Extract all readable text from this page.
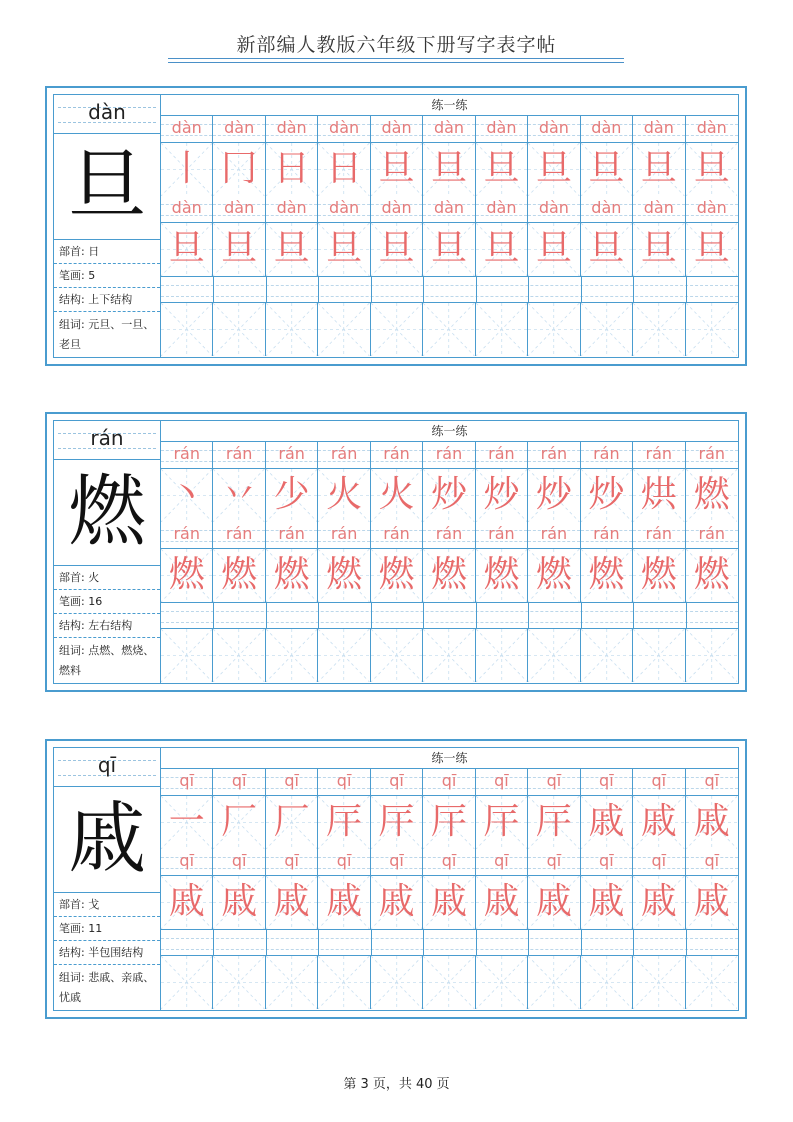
新部编人教版六年级下册写字表字帖
dàn
旦
部首: 日
笔画: 5
结构: 上下结构
组词: 元旦、一旦、老旦
练一练
dàn	dàn	dàn	dàn	dàn	dàn	dàn	dàn	dàn	dàn	dàn
丨 冂 日 日 旦 旦 旦 旦 旦 旦 旦
dàn	dàn	dàn	dàn	dàn	dàn	dàn	dàn	dàn	dàn	dàn
旦 旦 旦 旦 旦 旦 旦 旦 旦 旦 旦
rán
燃
部首: 火
笔画: 16
结构: 左右结构
组词: 点燃、燃烧、燃料
练一练
rán	rán	rán	rán	rán	rán	rán	rán	rán	rán	rán
丶 丷 少 火 火 炒 炒 炒 炒 烘 燃
rán	rán	rán	rán	rán	rán	rán	rán	rán	rán	rán
燃 燃 燃 燃 燃 燃 燃 燃 燃 燃 燃
qī
戚
部首: 戈
笔画: 11
结构: 半包围结构
组词: 悲戚、亲戚、忧戚
练一练
qī	qī	qī	qī	qī	qī	qī	qī	qī	qī	qī
一 厂 厂 厈 厈 厈 厈 厈 戚 戚 戚
qī	qī	qī	qī	qī	qī	qī	qī	qī	qī	qī
戚 戚 戚 戚 戚 戚 戚 戚 戚 戚 戚
第 3 页，共 40 页
